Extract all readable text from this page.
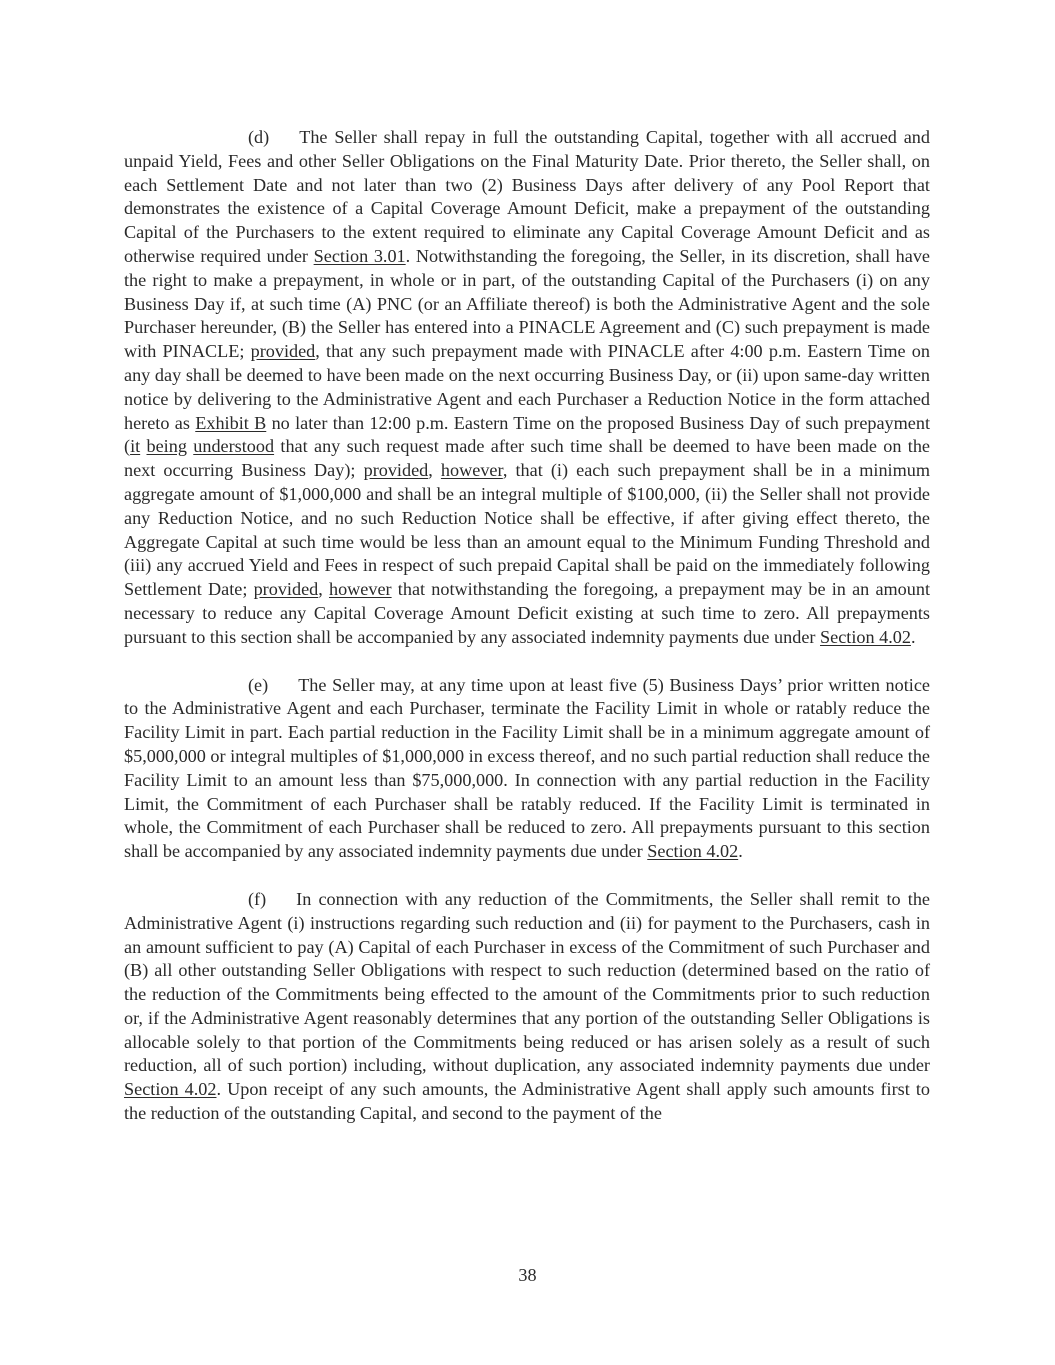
(d) The Seller shall repay in full the outstanding Capital, together with all accrued and unpaid Yield, Fees and other Seller Obligations on the Final Maturity Date. Prior thereto, the Seller shall, on each Settlement Date and not later than two (2) Business Days after delivery of any Pool Report that demonstrates the existence of a Capital Coverage Amount Deficit, make a prepayment of the outstanding Capital of the Purchasers to the extent required to eliminate any Capital Coverage Amount Deficit and as otherwise required under Section 3.01. Notwithstanding the foregoing, the Seller, in its discretion, shall have the right to make a prepayment, in whole or in part, of the outstanding Capital of the Purchasers (i) on any Business Day if, at such time (A) PNC (or an Affiliate thereof) is both the Administrative Agent and the sole Purchaser hereunder, (B) the Seller has entered into a PINACLE Agreement and (C) such prepayment is made with PINACLE; provided, that any such prepayment made with PINACLE after 4:00 p.m. Eastern Time on any day shall be deemed to have been made on the next occurring Business Day, or (ii) upon same-day written notice by delivering to the Administrative Agent and each Purchaser a Reduction Notice in the form attached hereto as Exhibit B no later than 12:00 p.m. Eastern Time on the proposed Business Day of such prepayment (it being understood that any such request made after such time shall be deemed to have been made on the next occurring Business Day); provided, however, that (i) each such prepayment shall be in a minimum aggregate amount of $1,000,000 and shall be an integral multiple of $100,000, (ii) the Seller shall not provide any Reduction Notice, and no such Reduction Notice shall be effective, if after giving effect thereto, the Aggregate Capital at such time would be less than an amount equal to the Minimum Funding Threshold and (iii) any accrued Yield and Fees in respect of such prepaid Capital shall be paid on the immediately following Settlement Date; provided, however that notwithstanding the foregoing, a prepayment may be in an amount necessary to reduce any Capital Coverage Amount Deficit existing at such time to zero. All prepayments pursuant to this section shall be accompanied by any associated indemnity payments due under Section 4.02.

(e) The Seller may, at any time upon at least five (5) Business Days’ prior written notice to the Administrative Agent and each Purchaser, terminate the Facility Limit in whole or ratably reduce the Facility Limit in part. Each partial reduction in the Facility Limit shall be in a minimum aggregate amount of $5,000,000 or integral multiples of $1,000,000 in excess thereof, and no such partial reduction shall reduce the Facility Limit to an amount less than $75,000,000. In connection with any partial reduction in the Facility Limit, the Commitment of each Purchaser shall be ratably reduced. If the Facility Limit is terminated in whole, the Commitment of each Purchaser shall be reduced to zero. All prepayments pursuant to this section shall be accompanied by any associated indemnity payments due under Section 4.02.

(f) In connection with any reduction of the Commitments, the Seller shall remit to the Administrative Agent (i) instructions regarding such reduction and (ii) for payment to the Purchasers, cash in an amount sufficient to pay (A) Capital of each Purchaser in excess of the Commitment of such Purchaser and (B) all other outstanding Seller Obligations with respect to such reduction (determined based on the ratio of the reduction of the Commitments being effected to the amount of the Commitments prior to such reduction or, if the Administrative Agent reasonably determines that any portion of the outstanding Seller Obligations is allocable solely to that portion of the Commitments being reduced or has arisen solely as a result of such reduction, all of such portion) including, without duplication, any associated indemnity payments due under Section 4.02. Upon receipt of any such amounts, the Administrative Agent shall apply such amounts first to the reduction of the outstanding Capital, and second to the payment of the

38
